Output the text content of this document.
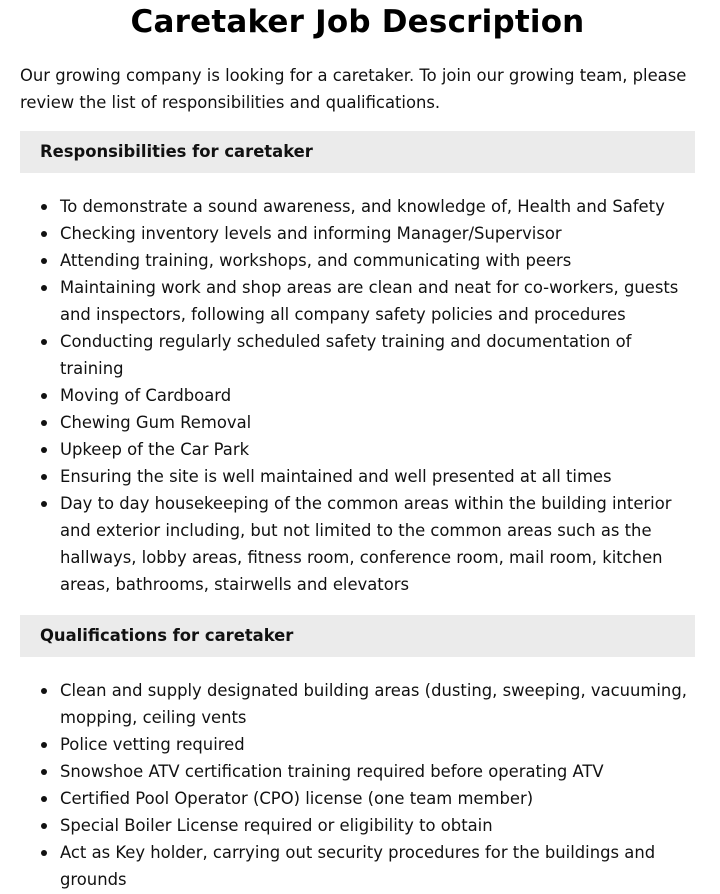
Caretaker Job Description

Our growing company is looking for a caretaker. To join our growing team, please review the list of responsibilities and qualifications.

Responsibilities for caretaker
To demonstrate a sound awareness, and knowledge of, Health and Safety
Checking inventory levels and informing Manager/Supervisor
Attending training, workshops, and communicating with peers
Maintaining work and shop areas are clean and neat for co-workers, guests and inspectors, following all company safety policies and procedures
Conducting regularly scheduled safety training and documentation of training
Moving of Cardboard
Chewing Gum Removal
Upkeep of the Car Park
Ensuring the site is well maintained and well presented at all times
Day to day housekeeping of the common areas within the building interior and exterior including, but not limited to the common areas such as the hallways, lobby areas, fitness room, conference room, mail room, kitchen areas, bathrooms, stairwells and elevators
Qualifications for caretaker
Clean and supply designated building areas (dusting, sweeping, vacuuming, mopping, ceiling vents
Police vetting required
Snowshoe ATV certification training required before operating ATV
Certified Pool Operator (CPO) license (one team member)
Special Boiler License required or eligibility to obtain
Act as Key holder, carrying out security procedures for the buildings and grounds
